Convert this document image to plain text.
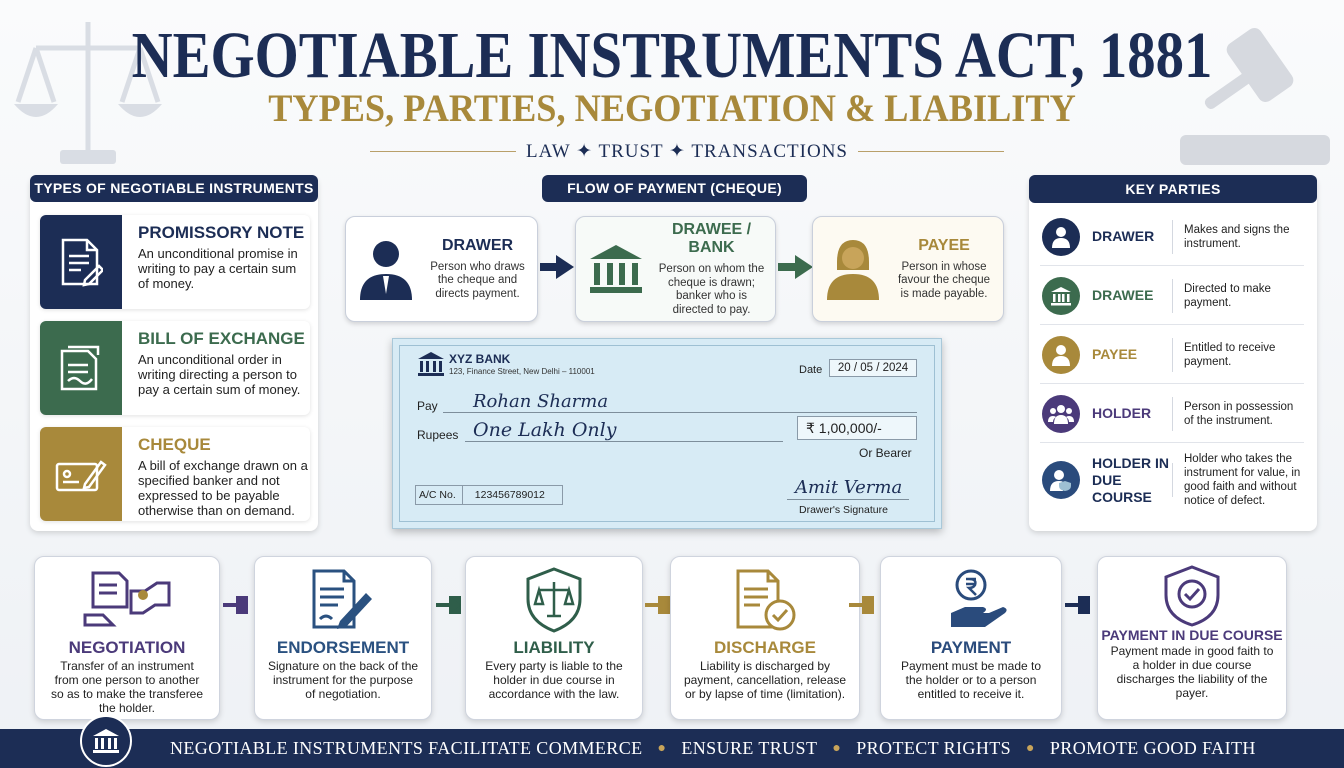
NEGOTIABLE INSTRUMENTS ACT, 1881
TYPES, PARTIES, NEGOTIATION & LIABILITY
LAW ✦ TRUST ✦ TRANSACTIONS
TYPES OF NEGOTIABLE INSTRUMENTS
PROMISSORY NOTE
An unconditional promise in writing to pay a certain sum of money.
BILL OF EXCHANGE
An unconditional order in writing directing a person to pay a certain sum of money.
CHEQUE
A bill of exchange drawn on a specified banker and not expressed to be payable otherwise than on demand.
FLOW OF PAYMENT (CHEQUE)
DRAWER
Person who draws the cheque and directs payment.
DRAWEE / BANK
Person on whom the cheque is drawn; banker who is directed to pay.
PAYEE
Person in whose favour the cheque is made payable.
XYZ BANK
123, Finance Street, New Delhi – 110001	Date	20 / 05 / 2024
Pay Rohan Sharma
Rupees One Lakh Only	₹ 1,00,000/-
Or Bearer
A/C No.	123456789012	Amit Verma
Drawer's Signature
KEY PARTIES
DRAWER	Makes and signs the instrument.
DRAWEE	Directed to make payment.
PAYEE	Entitled to receive payment.
HOLDER	Person in possession of the instrument.
HOLDER IN DUE COURSE
Holder who takes the instrument for value, in good faith and without notice of defect.
NEGOTIATION
Transfer of an instrument from one person to another so as to make the transferee the holder.
ENDORSEMENT
Signature on the back of the instrument for the purpose of negotiation.
LIABILITY
Every party is liable to the holder in due course in accordance with the law.
DISCHARGE
Liability is discharged by payment, cancellation, release or by lapse of time (limitation).
PAYMENT
Payment must be made to the holder or to a person entitled to receive it.
PAYMENT IN DUE COURSE
Payment made in good faith to a holder in due course discharges the liability of the payer.
NEGOTIABLE INSTRUMENTS FACILITATE COMMERCE ● ENSURE TRUST ● PROTECT RIGHTS ● PROMOTE GOOD FAITH
